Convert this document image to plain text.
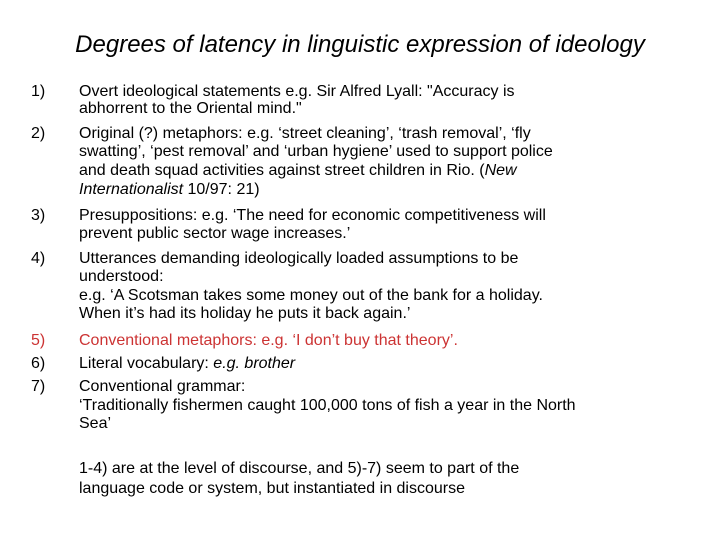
Degrees of latency in linguistic expression of ideology
1) Overt ideological statements e.g. Sir Alfred Lyall: "Accuracy is
abhorrent to the Oriental mind."
2) Original (?) metaphors: e.g. ‘street cleaning’, ‘trash removal’, ‘fly
swatting’, ‘pest removal’ and ‘urban hygiene’ used to support police
and death squad activities against street children in Rio. (New
Internationalist 10/97: 21)
3) Presuppositions: e.g. ‘The need for economic competitiveness will
prevent public sector wage increases.’
4) Utterances demanding ideologically loaded assumptions to be
understood:
e.g. ‘A Scotsman takes some money out of the bank for a holiday.
When it’s had its holiday he puts it back again.’
5) Conventional metaphors: e.g. ‘I don’t buy that theory’.
6) Literal vocabulary: e.g. brother
7) Conventional grammar:
‘Traditionally fishermen caught 100,000 tons of fish a year in the North
Sea’
1-4) are at the level of discourse, and 5)-7) seem to part of the
language code or system, but instantiated in discourse
